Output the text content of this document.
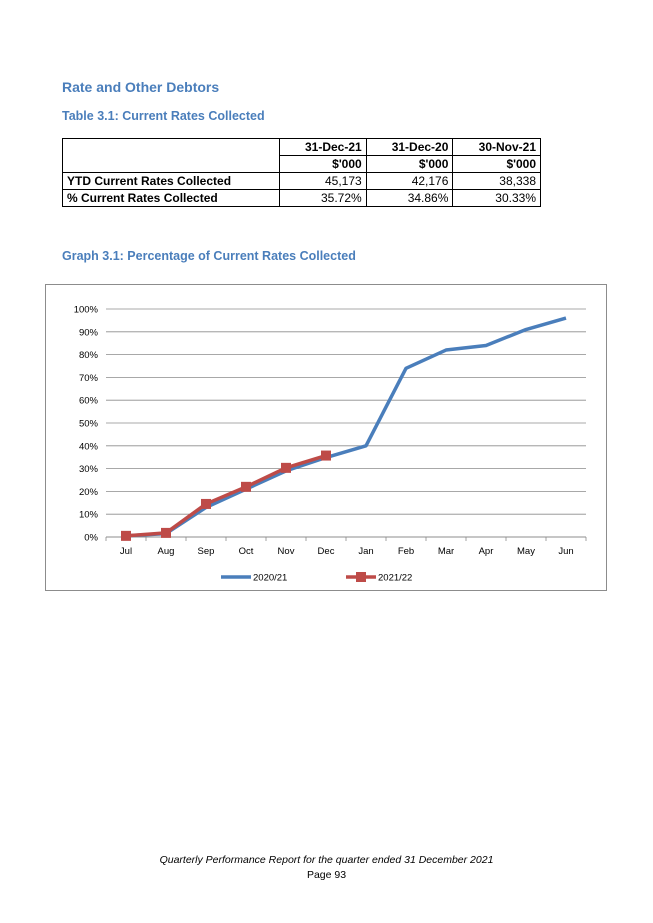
Rate and Other Debtors
Table 3.1: Current Rates Collected
	31-Dec-21	31-Dec-20	30-Nov-21
	$'000	$'000	$'000
YTD Current Rates Collected	45,173	42,176	38,338
% Current Rates Collected	35.72%	34.86%	30.33%
Graph 3.1: Percentage of Current Rates Collected
0%
10%
20%
30%
40%
50%
60%
70%
80%
90%
100%
Jul	Aug Sep	Oct	Nov Dec	Jan	Feb Mar	Apr May Jun
2020/21	2021/22
Quarterly Performance Report for the quarter ended 31 December 2021
Page 93
